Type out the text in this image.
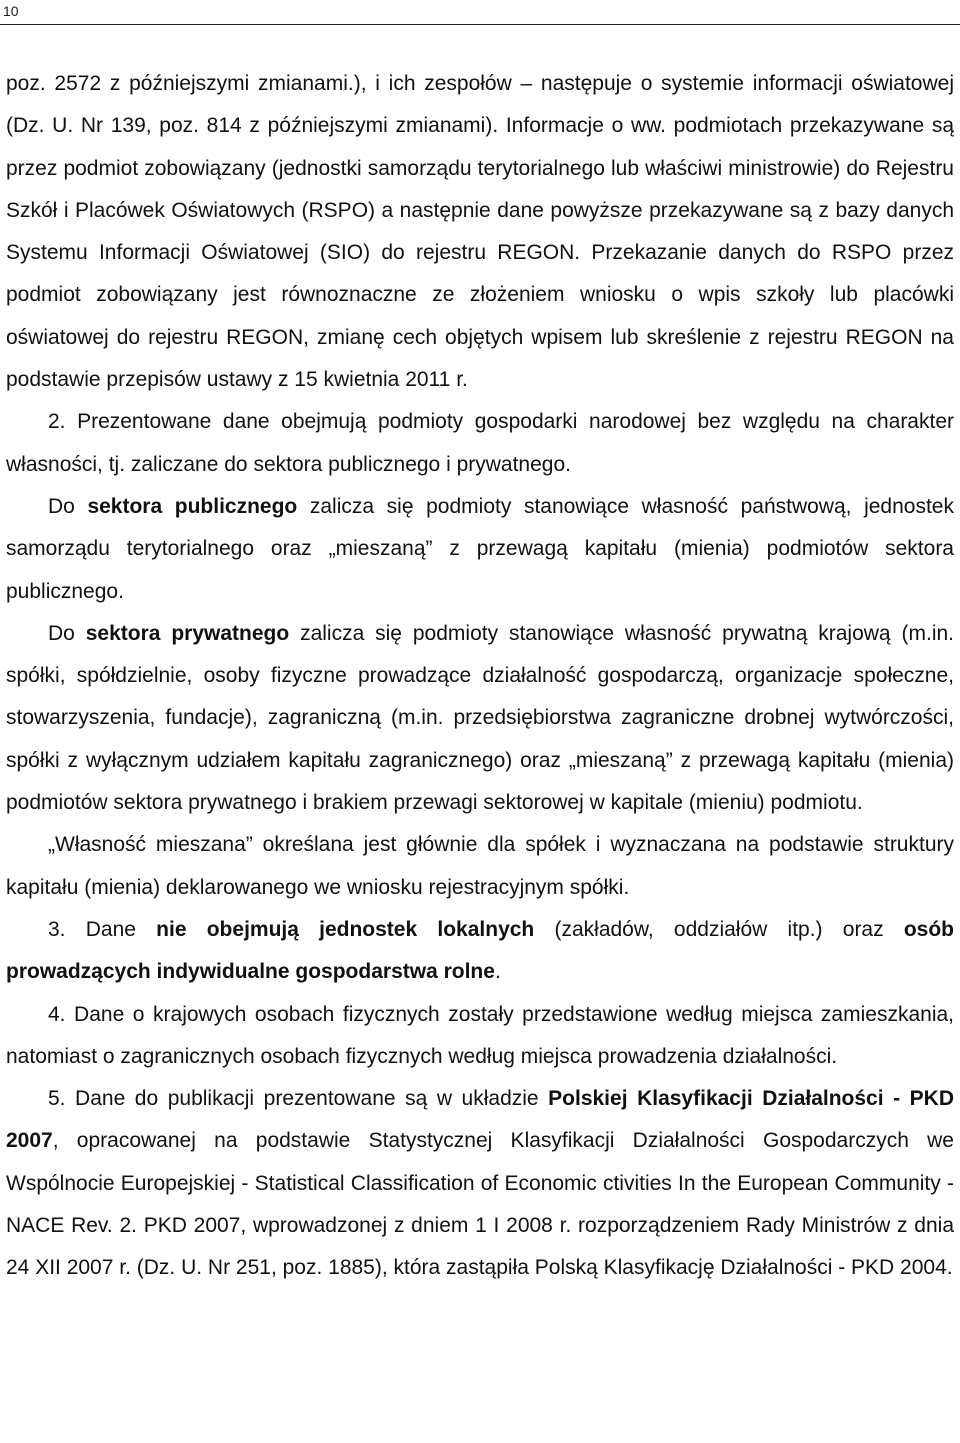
10

poz. 2572 z późniejszymi zmianami.), i ich zespołów – następuje o systemie informacji oświatowej (Dz. U. Nr 139, poz. 814 z późniejszymi zmianami). Informacje o ww. podmiotach przekazywane są przez podmiot zobowiązany (jednostki samorządu terytorialnego lub właściwi ministrowie) do Rejestru Szkół i Placówek Oświatowych (RSPO) a następnie dane powyższe przekazywane są z bazy danych Systemu Informacji Oświatowej (SIO) do rejestru REGON. Przekazanie danych do RSPO przez podmiot zobowiązany jest równoznaczne ze złożeniem wniosku o wpis szkoły lub placówki oświatowej do rejestru REGON, zmianę cech objętych wpisem lub skreślenie z rejestru REGON na podstawie przepisów ustawy z 15 kwietnia 2011 r.

2. Prezentowane dane obejmują podmioty gospodarki narodowej bez względu na charakter własności, tj. zaliczane do sektora publicznego i prywatnego.

Do sektora publicznego zalicza się podmioty stanowiące własność państwową, jednostek samorządu terytorialnego oraz „mieszaną” z przewagą kapitału (mienia) podmiotów sektora publicznego.

Do sektora prywatnego zalicza się podmioty stanowiące własność prywatną krajową (m.in. spółki, spółdzielnie, osoby fizyczne prowadzące działalność gospodarczą, organizacje społeczne, stowarzyszenia, fundacje), zagraniczną (m.in. przedsiębiorstwa zagraniczne drobnej wytwórczości, spółki z wyłącznym udziałem kapitału zagranicznego) oraz „mieszaną” z przewagą kapitału (mienia) podmiotów sektora prywatnego i brakiem przewagi sektorowej w kapitale (mieniu) podmiotu.

„Własność mieszana” określana jest głównie dla spółek i wyznaczana na podstawie struktury kapitału (mienia) deklarowanego we wniosku rejestracyjnym spółki.

3. Dane nie obejmują jednostek lokalnych (zakładów, oddziałów itp.) oraz osób prowadzących indywidualne gospodarstwa rolne.

4. Dane o krajowych osobach fizycznych zostały przedstawione według miejsca zamieszkania, natomiast o zagranicznych osobach fizycznych według miejsca prowadzenia działalności.

5. Dane do publikacji prezentowane są w układzie Polskiej Klasyfikacji Działalności - PKD 2007, opracowanej na podstawie Statystycznej Klasyfikacji Działalności Gospodarczych we Wspólnocie Europejskiej - Statistical Classification of Economic ctivities In the European Community - NACE Rev. 2. PKD 2007, wprowadzonej z dniem 1 I 2008 r. rozporządzeniem Rady Ministrów z dnia 24 XII 2007 r. (Dz. U. Nr 251, poz. 1885), która zastąpiła Polską Klasyfikację Działalności - PKD 2004.
